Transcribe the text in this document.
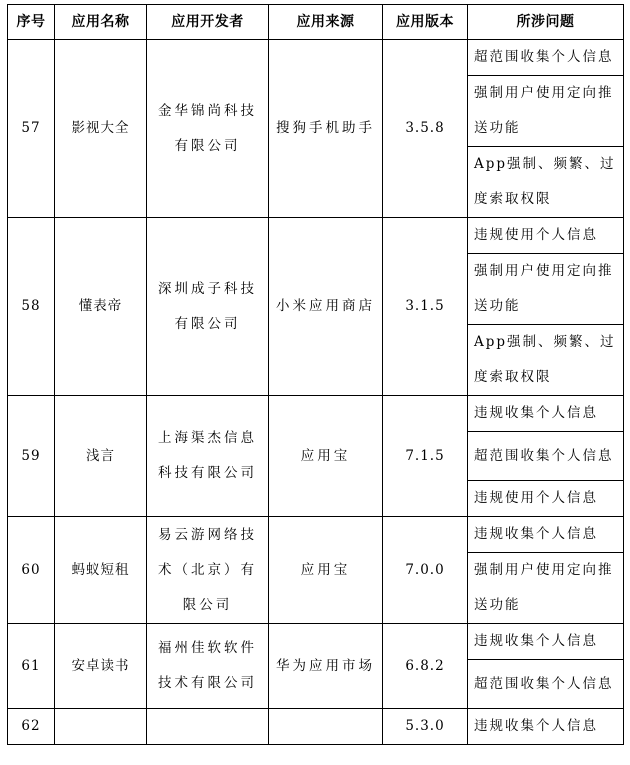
序号	应用名称	应用开发者	应用来源	应用版本	所涉问题
57	影视大全	金华锦尚科技有限公司	搜狗手机助手	3.5.8	超范围收集个人信息
					强制用户使用定向推送功能

					App强制、频繁、过度索取权限

58	懂表帝	深圳成子科技有限公司	小米应用商店	3.1.5	违规使用个人信息
					强制用户使用定向推送功能

					App强制、频繁、过度索取权限

59	浅言	上海渠杰信息科技有限公司	应用宝	7.1.5	违规收集个人信息
					超范围收集个人信息
					违规使用个人信息
60	蚂蚁短租	易云游网络技术（北京）有限公司	应用宝	7.0.0	违规收集个人信息
					强制用户使用定向推送功能

61	安卓读书	福州佳软软件技术有限公司	华为应用市场	6.8.2	违规收集个人信息
					超范围收集个人信息
62				5.3.0	违规收集个人信息
